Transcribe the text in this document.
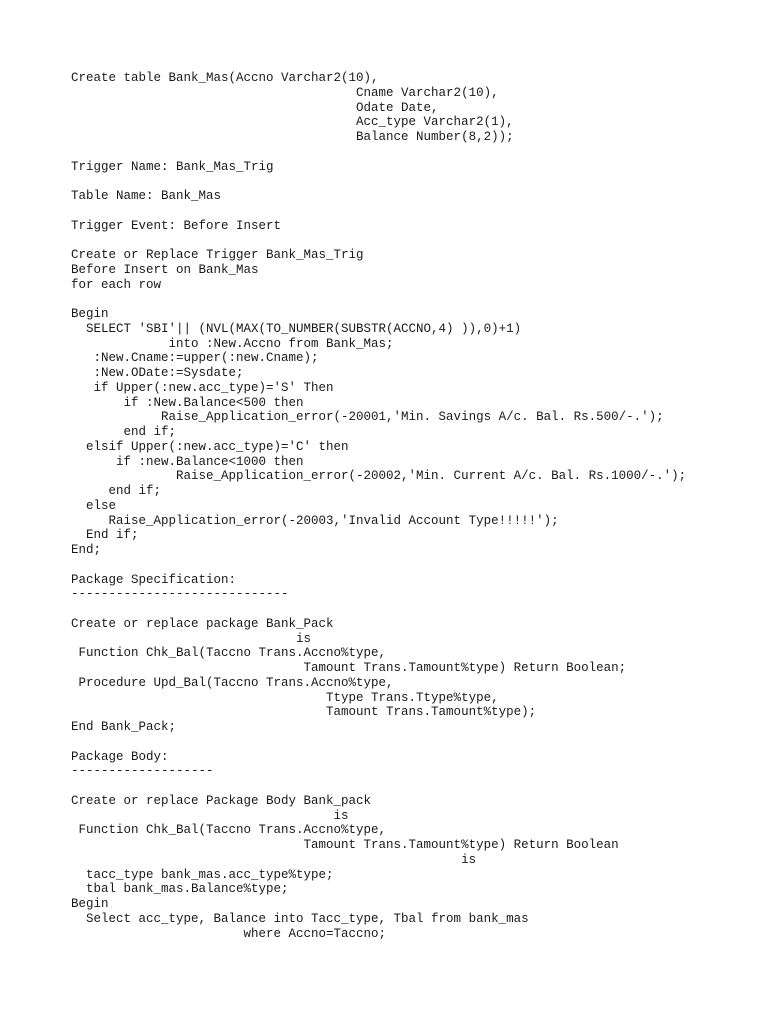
Create table Bank_Mas(Accno Varchar2(10),
Cname Varchar2(10),
Odate Date,
Acc_type Varchar2(1),
Balance Number(8,2));
Trigger Name: Bank_Mas_Trig
Table Name: Bank_Mas
Trigger Event: Before Insert
Create or Replace Trigger Bank_Mas_Trig
Before Insert on Bank_Mas
for each row
Begin
SELECT 'SBI'|| (NVL(MAX(TO_NUMBER(SUBSTR(ACCNO,4) )),0)+1)
into :New.Accno from Bank_Mas;
:New.Cname:=upper(:new.Cname);
:New.ODate:=Sysdate;
if Upper(:new.acc_type)='S' Then
if :New.Balance<500 then
Raise_Application_error(-20001,'Min. Savings A/c. Bal. Rs.500/-.');
end if;
elsif Upper(:new.acc_type)='C' then
if :new.Balance<1000 then
Raise_Application_error(-20002,'Min. Current A/c. Bal. Rs.1000/-.');
end if;
else
Raise_Application_error(-20003,'Invalid Account Type!!!!!');
End if;
End;
Package Specification:
-----------------------------
Create or replace package Bank_Pack
is
Function Chk_Bal(Taccno Trans.Accno%type,
Tamount Trans.Tamount%type) Return Boolean;
Procedure Upd_Bal(Taccno Trans.Accno%type,
Ttype Trans.Ttype%type,
Tamount Trans.Tamount%type);
End Bank_Pack;
Package Body:
-------------------
Create or replace Package Body Bank_pack
is
Function Chk_Bal(Taccno Trans.Accno%type,
Tamount Trans.Tamount%type) Return Boolean
is
tacc_type bank_mas.acc_type%type;
tbal bank_mas.Balance%type;
Begin
Select acc_type, Balance into Tacc_type, Tbal from bank_mas
where Accno=Taccno;
